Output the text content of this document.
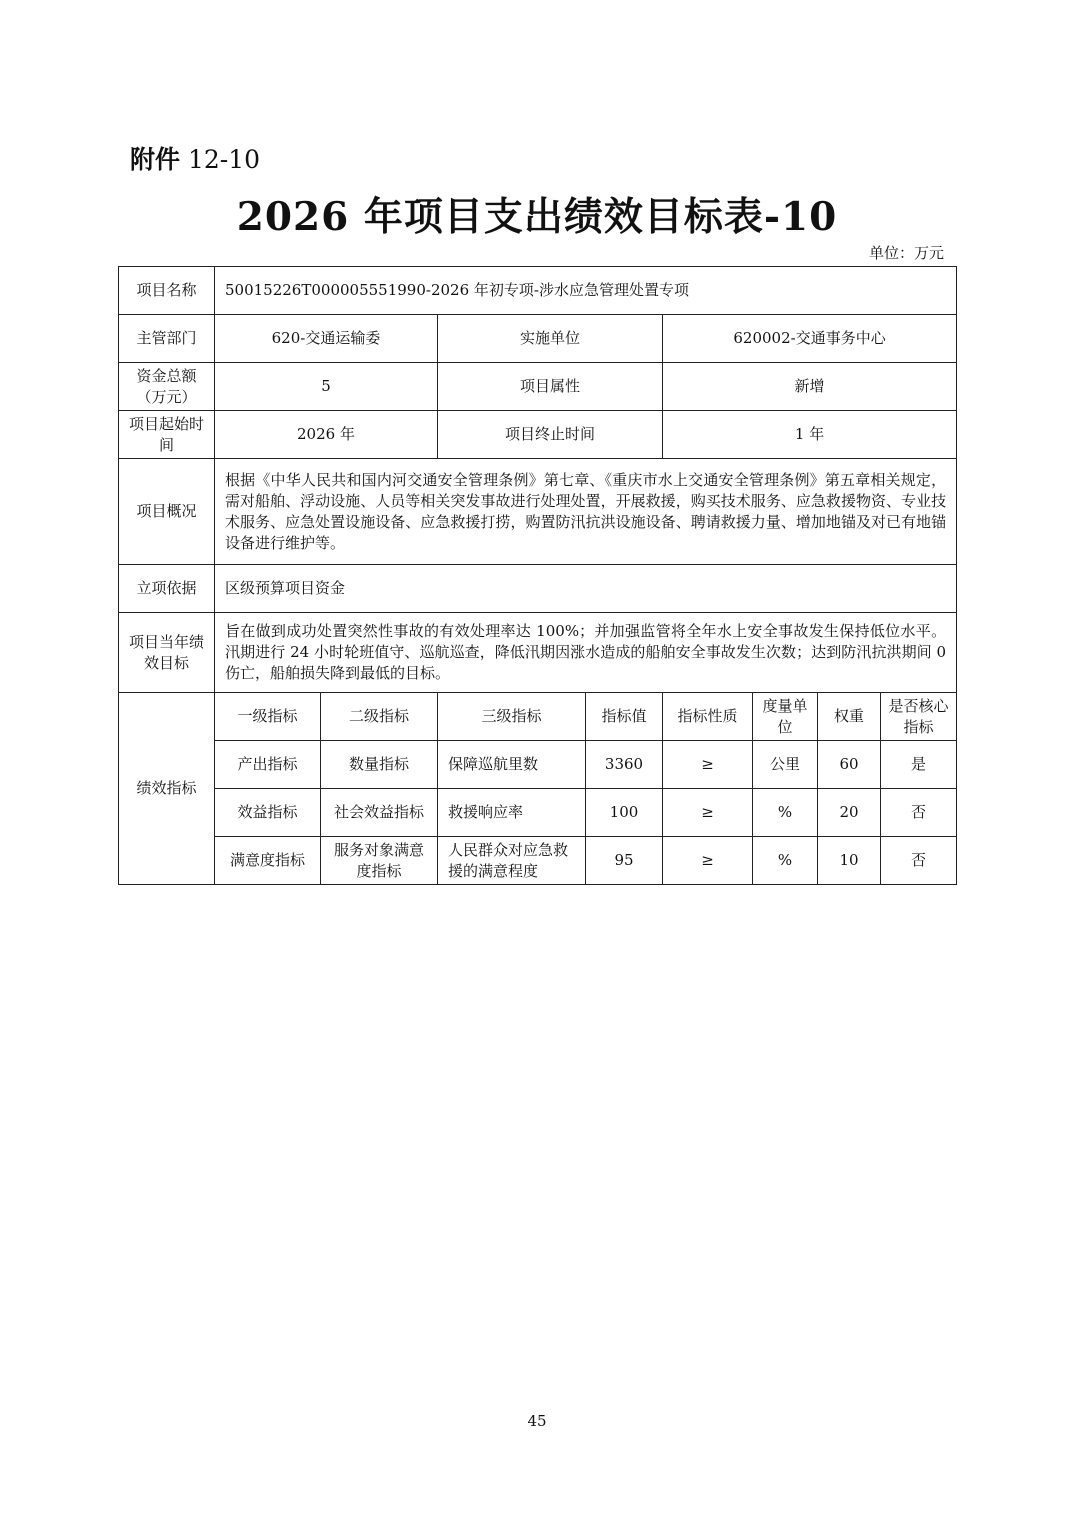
附件 12-10
2026 年项目支出绩效目标表-10
单位：万元
项目名称	50015226T000005551990-2026 年初专项-涉水应急管理处置专项							
主管部门	620-交通运输委		实施单位		620002-交通事务中心			
资金总额（万元）	5		项目属性		新增			
项目起始时间	2026 年		项目终止时间		1 年			
项目概况	根据《中华人民共和国内河交通安全管理条例》第七章、《重庆市水上交通安全管理条例》第五章相关规定，需对船舶、浮动设施、人员等相关突发事故进行处理处置，开展救援，购买技术服务、应急救援物资、专业技术服务、应急处置设施设备、应急救援打捞，购置防汛抗洪设施设备、聘请救援力量、增加地锚及对已有地锚设备进行维护等。							
立项依据	区级预算项目资金							
项目当年绩效目标	旨在做到成功处置突然性事故的有效处理率达 100%；并加强监管将全年水上安全事故发生保持低位水平。汛期进行 24 小时轮班值守、巡航巡查，降低汛期因涨水造成的船舶安全事故发生次数；达到防汛抗洪期间 0 伤亡，船舶损失降到最低的目标。							
绩效指标	一级指标	二级指标	三级指标	指标值	指标性质	度量单位	权重	是否核心指标
	产出指标	数量指标	保障巡航里数	3360	≥	公里	60	是
	效益指标	社会效益指标	救援响应率	100	≥	%	20	否
	满意度指标	服务对象满意度指标	人民群众对应急救援的满意程度	95	≥	%	10	否
45
